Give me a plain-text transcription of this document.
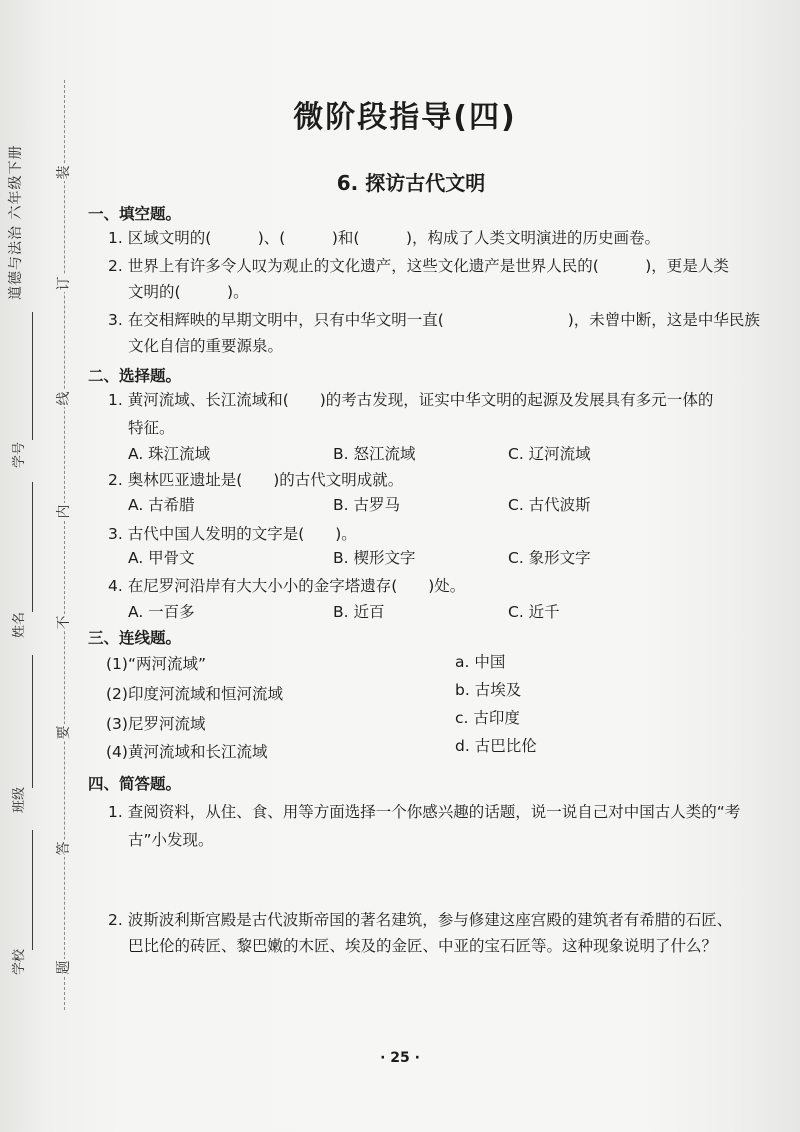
道德与法治 六年级下册
学号
姓名
班级
学校
装
订
线
内
不
要
答
题
微阶段指导(四)
6. 探访古代文明
一、填空题。
1. 区域文明的(　　　)、(　　　)和(　　　)，构成了人类文明演进的历史画卷。
2. 世界上有许多令人叹为观止的文化遗产，这些文化遗产是世界人民的(　　　)，更是人类
文明的(　　　)。
3. 在交相辉映的早期文明中，只有中华文明一直(　　　　　　　　)，未曾中断，这是中华民族
文化自信的重要源泉。
二、选择题。
1. 黄河流域、长江流域和(　　)的考古发现，证实中华文明的起源及发展具有多元一体的
特征。
A. 珠江流域	B. 怒江流域	C. 辽河流域
2. 奥林匹亚遗址是(　　)的古代文明成就。
A. 古希腊	B. 古罗马	C. 古代波斯
3. 古代中国人发明的文字是(　　)。
A. 甲骨文	B. 楔形文字	C. 象形文字
4. 在尼罗河沿岸有大大小小的金字塔遗存(　　)处。
A. 一百多	B. 近百	C. 近千
三、连线题。
(1)“两河流域”
(2)印度河流域和恒河流域
(3)尼罗河流域
(4)黄河流域和长江流域
a. 中国
b. 古埃及
c. 古印度
d. 古巴比伦
四、简答题。
1. 查阅资料，从住、食、用等方面选择一个你感兴趣的话题，说一说自己对中国古人类的“考
古”小发现。
2. 波斯波利斯宫殿是古代波斯帝国的著名建筑，参与修建这座宫殿的建筑者有希腊的石匠、
巴比伦的砖匠、黎巴嫩的木匠、埃及的金匠、中亚的宝石匠等。这种现象说明了什么？
· 25 ·
